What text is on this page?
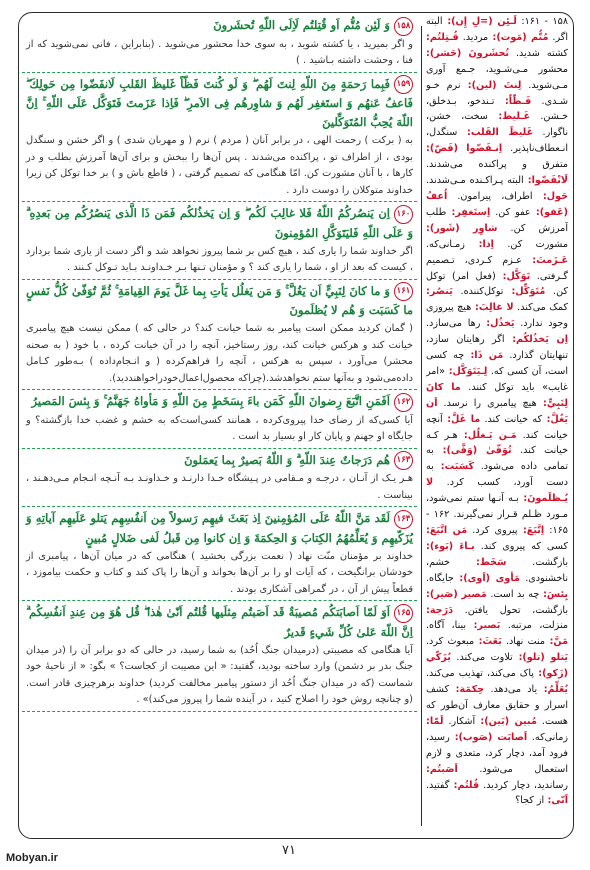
۱۵۸ - ۱۶۱: لَـئِن (=لِ إِن): البته اگر. مُتُّم (مَوت): مردید. قُـتِلتُم: کشته شدید. تُحشَرونَ (حَشر): محشور مـی‌شـوید، جـمع آوری مـی‌شوید. لِنتَ (لین): نرم خـو شـدی. فَـظّاً: تـندخو، بـدخلق، خـشن. غَـلیظ: سخت، خشن، ناگوار. غَلیظَ القَلب: سنگدل، انـعطاف‌ناپذیر. اِنـفَضّوا (فَضّ): متفرق و پراکنده می‌شدند. لَانْفَضّوا: البته پـراکـنده مـی‌شدند. حَول: اطراف، پیرامون. اُعفُ (عَفو): عفو کن. اِستَغفِر: طلب آمرزش کن. شاوِر (شَور): مشورت کن. اِذا: زمـانی‌که. عَـزَمتَ: عـزم کـردی، تـصمیم گـرفتی. تَوَکَّل: (فعل امر) توکل کن. مُتَوَکِّل: توکل‌کننده. يَنصُر: کمک می‌کند. لا غالِبَ: هیچ پیروزی وجود ندارد. يَخذُل: رها می‌سازد. اِن يَخذُلكُم: اگر رهایتان سازد، تنهایتان گذارد. مَن ذَا: چه کسی است، آن کسی که. لِـيَتَوَكَّل: «امر غایب» باید توکل کنند. ما كانَ لِنَبِيٍّ: هیچ پیامبری را نرسد. اَن يَغُلَّ: که خیانت کند. ما غَلَّ: آنچه خیانت کند. مَـن يَـغلُل: هـر کـه خیانت کند. تُوَفّیٰ (وَفَّی): به تمامی داده می‌شود. كَسَبَت: به دست آورد، کسب کرد. لا يُـظلَمونَ: بـه آنـها ستم نمی‌شود، مـورد ظـلم قـرار نمی‌گیرند. ۱۶۲ - ۱۶۵: اِتَّبَعَ: پیروی کرد. مَن اتَّبَعَ: کسی که پیروی کند. بـاءَ (بَوء): بازگشت. سَخَط: خشم، ناخشنودی. مَأوی (اَوی): جایگاه. بِئسَ: چه بد است. مَصیر (صَیر): بازگشت، تحول یافتن. دَرَجة: منزلت، مرتبه. بَصیر: بینا، آگاه. مَنَّ: منت نهاد. بَعَثَ: مبعوث کرد. يَتلو (تلو): تلاوت می‌کند. يُزَكّي (زَكو): پاک می‌کند، تهذیب می‌کند. يُعَلِّمُ: یاد می‌دهد. حِكمَة: کشف اسرار و حقایق معارف آن‌طور که هست. مُبین (بَین): آشکار. لَمّا: زمانی‌که. اَصابَت (صَوب): رسید، فرود آمد، دچار کرد، متعدی و لازم استعمال می‌شود. اَصَبتُم: رساندید، دچار کردید. قُلتُم: گفتید. اَنّی: از کجا؟
۱۵۸وَ لَئِن مُتُّم اَو قُتِلتُم لَاِلَى اللّهِ تُحشَرونَ
و اگر بمیرید ، یا کشته شوید ، به سوی خدا محشور می‌شوید . (بنابراین ، فانی نمی‌شوید که از فنا ، وحشت داشته بـاشید . )
۱۵۹فَبِما رَحمَةٍ مِنَ اللّهِ لِنتَ لَهُم ۖ وَ لَو كُنتَ فَظّاً غَليظَ القَلبِ لَانفَضّوا مِن حَولِكَ ۖ فَاعفُ عَنهُم وَ استَغفِر لَهُم وَ شاوِرهُم فِى الاَمرِ ۖ فَاِذا عَزَمتَ فَتَوَكَّل عَلَى اللّهِ ۚ اِنَّ اللّهَ يُحِبُّ المُتَوَكِّلينَ
به ( برکت ) رحمت الهی ، در برابر آنان ( مردم ) نرم ( و مهربان شدی ) و اگر خشن و سنگدل بودی ، از اطراف تو ، پراکنده می‌شدند . پس آن‌ها را ببخش و برای آن‌ها آمرزش بطلب و در کارها ، با آنان مشورت کن. امّا هنگامی که تصمیم گرفتی ، ( قاطع باش و ) بر خدا توکل کن زیرا خداوند متوکلان را دوست دارد .
۱۶۰اِن يَنصُركُمُ اللّهُ فَلا غالِبَ لَكُم ۖ وَ اِن يَخذُلكُم فَمَن ذَا الَّذى يَنصُرُكُم مِن بَعدِهِ ۗ وَ عَلَى اللّهِ فَليَتَوَكَّلِ المُؤمِنونَ
اگر خداوند شما را یاری کند ، هیچ کس بر شما پیروز نخواهد شد و اگر دست از یاری شما بردارد ، کیست که بعد از او ، شما را یاری کند ؟ و مؤمنان تـنها بـر خـداونـد بـاید تـوکل کـنند .
۱۶۱وَ ما كانَ لِنَبِيٍّ اَن يَغُلَّ ۚ وَ مَن يَغلُل يَأتِ بِما غَلَّ يَومَ القِيامَةِ ۚ ثُمَّ تُوَفّىٰ كُلُّ نَفسٍ ما كَسَبَت وَ هُم لا يُظلَمونَ
( گمان کردید ممکن است پیامبر به شما خیانت کند؟ در حالی که ) ممکن نیست هیچ پیامبری خیانت کند و هرکس خیانت کند، روز رستاخیز، آنچه را در آن خیانت کرده ، با خود ( به صحنه محشر) می‌آورد ، سپس به هرکس ، آنچه را فراهم‌کرده ( و انـجام‌داده ) بـه‌طور کـامل داده‌می‌شود و به‌آنها ستم نخواهد‌شد.(چراکه محصول‌اعمال‌خود‌را‌خواهند‌دید).
۱۶۲اَفَمَنِ اتَّبَعَ رِضوانَ اللّهِ كَمَن باءَ بِسَخَطٍ مِنَ اللّهِ وَ مَأواهُ جَهَنَّمُ ۚ وَ بِئسَ المَصيرُ
آیا کسی‌که از رضای خدا پیروی‌کرده ، همانند کسی‌است‌که به خشم و غضب خدا بازگشته؟ و جایگاه او جهنم و پایان کار او بسیار بد است .
۱۶۳هُم دَرَجاتٌ عِندَ اللّهِ ۗ وَ اللّهُ بَصيرٌ بِما يَعمَلونَ
هـر یـک از آنـان ، درجـه و مـقامی در پـیشگاه خـدا دارنـد و خـداونـد بـه آنـچه انـجام مـی‌دهـند ، بیناست .
۱۶۴لَقَد مَنَّ اللّهُ عَلَى المُؤمِنينَ اِذ بَعَثَ فيهِم رَسولاً مِن اَنفُسِهِم يَتلو عَلَيهِم آياتِهِ وَ يُزَكّيهِم وَ يُعَلِّمُهُمُ الكِتابَ وَ الحِكمَةَ وَ اِن كانوا مِن قَبلُ لَفى ضَلالٍ مُبينٍ
خداوند بر مؤمنان منّت نهاد ( نعمت بزرگی بخشید ) هنگامی که در میان آن‌ها ، پیامبری از خودشان برانگیخت ، که آیات او را بر آن‌ها بخواند و آن‌ها را پاک کند و کتاب و حکمت بیاموزد ، قطعاً پیش از آن ، در گمراهی آشکاری بودند .
۱۶۵اَوَ لَمّا اَصابَتكُم مُصيبَةٌ قَد اَصَبتُم مِثلَيها قُلتُم اَنّىٰ هٰذا ۖ قُل هُوَ مِن عِندِ اَنفُسِكُم ۗ اِنَّ اللّهَ عَلىٰ كُلِّ شَيءٍ قَديرٌ
آیا هنگامی که مصیبتی (درمیدان جنگ اُحُد) به شما رسید، در حالی که دو برابر آن را (در میدان جنگ بدر بر دشمن) وارد ساخته بودید، گفتید: « این مصیبت از کجاست؟ » بگو: « از ناحیهٔ خود شماست (که در میدان جنگ اُحُد از دستور پیامبر مخالفت کردید) خداوند برهرچیزی قادر است. (و چنانچه روش خود را اصلاح کنید ، در آینده شما را پیروز می‌کند)» .
۷۱
Mobyan.ir
